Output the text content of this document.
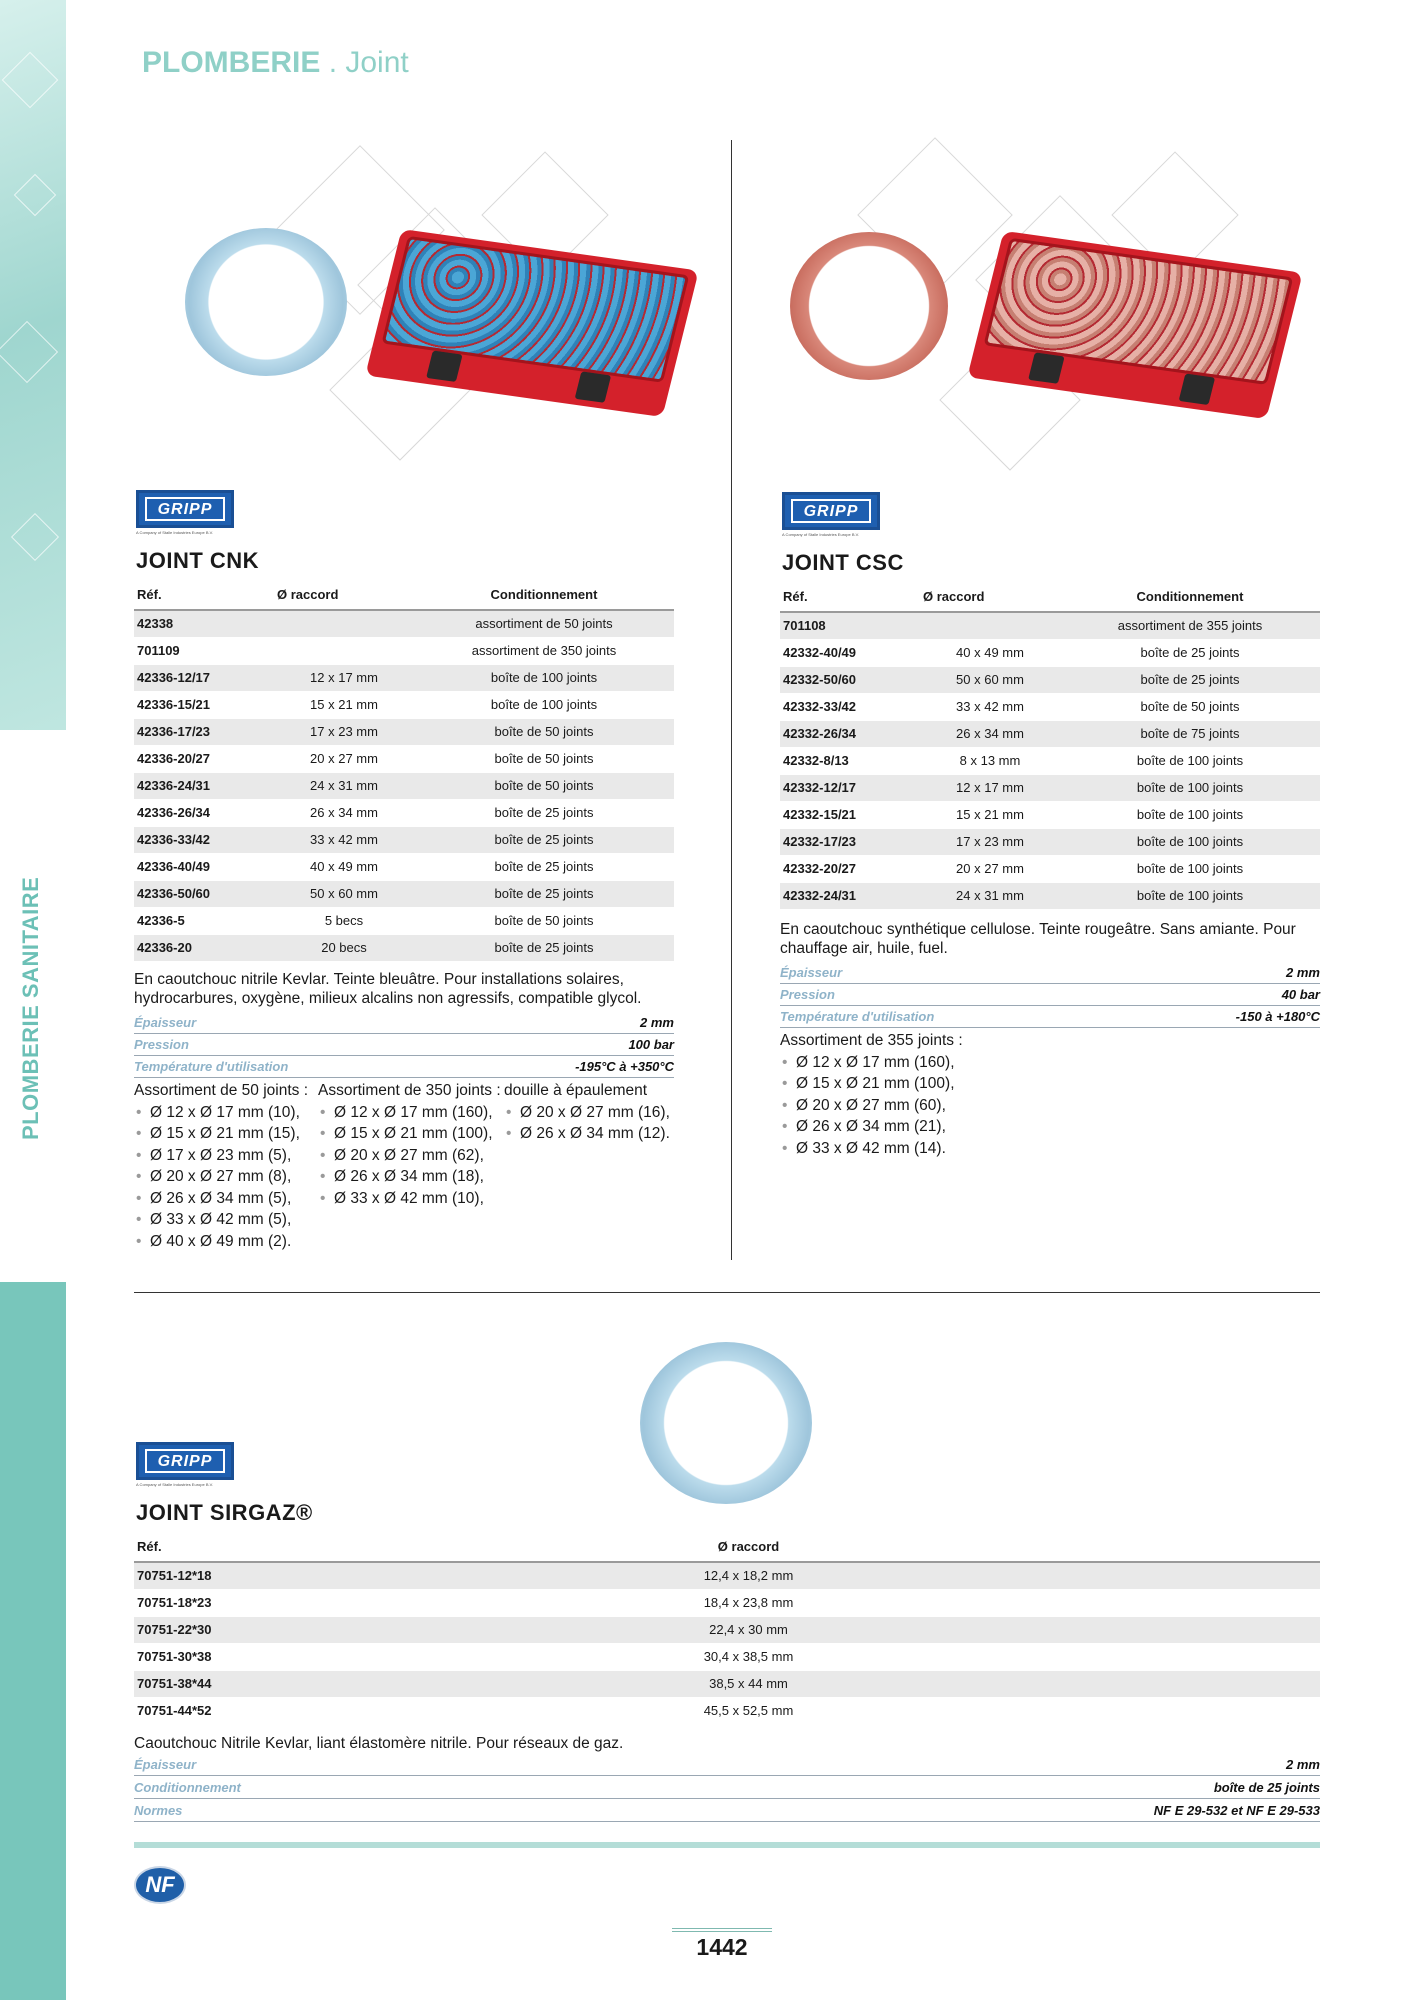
PLOMBERIE SANITAIRE
PLOMBERIE . Joint
GRIPP
A Company of Stalle Industries Europe B.V.
GRIPP
A Company of Stalle Industries Europe B.V.
GRIPP
A Company of Stalle Industries Europe B.V.
JOINT CNK
Réf.	Ø raccord	Conditionnement
42338		assortiment de 50 joints
701109		assortiment de 350 joints
42336-12/17	12 x 17 mm	boîte de 100 joints
42336-15/21	15 x 21 mm	boîte de 100 joints
42336-17/23	17 x 23 mm	boîte de 50 joints
42336-20/27	20 x 27 mm	boîte de 50 joints
42336-24/31	24 x 31 mm	boîte de 50 joints
42336-26/34	26 x 34 mm	boîte de 25 joints
42336-33/42	33 x 42 mm	boîte de 25 joints
42336-40/49	40 x 49 mm	boîte de 25 joints
42336-50/60	50 x 60 mm	boîte de 25 joints
42336-5	5 becs	boîte de 50 joints
42336-20	20 becs	boîte de 25 joints
En caoutchouc nitrile Kevlar. Teinte bleuâtre. Pour installations solaires, hydrocarbures, oxygène, milieux alcalins non agressifs, compatible glycol.
Épaisseur	2 mm
Pression	100 bar
Température d'utilisation	-195°C à +350°C
Assortiment de 50 joints :
• Ø 12 x Ø 17 mm (10),
• Ø 15 x Ø 21 mm (15),
• Ø 17 x Ø 23 mm (5),
• Ø 20 x Ø 27 mm (8),
• Ø 26 x Ø 34 mm (5),
• Ø 33 x Ø 42 mm (5),
• Ø 40 x Ø 49 mm (2).
Assortiment de 350 joints :
• Ø 12 x Ø 17 mm (160),
• Ø 15 x Ø 21 mm (100),
• Ø 20 x Ø 27 mm (62),
• Ø 26 x Ø 34 mm (18),
• Ø 33 x Ø 42 mm (10),
douille à épaulement
• Ø 20 x Ø 27 mm (16),
• Ø 26 x Ø 34 mm (12).
JOINT CSC
Réf.	Ø raccord	Conditionnement
701108		assortiment de 355 joints
42332-40/49	40 x 49 mm	boîte de 25 joints
42332-50/60	50 x 60 mm	boîte de 25 joints
42332-33/42	33 x 42 mm	boîte de 50 joints
42332-26/34	26 x 34 mm	boîte de 75 joints
42332-8/13	8 x 13 mm	boîte de 100 joints
42332-12/17	12 x 17 mm	boîte de 100 joints
42332-15/21	15 x 21 mm	boîte de 100 joints
42332-17/23	17 x 23 mm	boîte de 100 joints
42332-20/27	20 x 27 mm	boîte de 100 joints
42332-24/31	24 x 31 mm	boîte de 100 joints
En caoutchouc synthétique cellulose. Teinte rougeâtre. Sans amiante. Pour chauffage air, huile, fuel.
Épaisseur	2 mm
Pression	40 bar
Température d'utilisation	-150 à +180°C
Assortiment de 355 joints :
• Ø 12 x Ø 17 mm (160),
• Ø 15 x Ø 21 mm (100),
• Ø 20 x Ø 27 mm (60),
• Ø 26 x Ø 34 mm (21),
• Ø 33 x Ø 42 mm (14).
JOINT SIRGAZ®
Réf.	Ø raccord
70751-12*18	12,4 x 18,2 mm
70751-18*23	18,4 x 23,8 mm
70751-22*30	22,4 x 30 mm
70751-30*38	30,4 x 38,5 mm
70751-38*44	38,5 x 44 mm
70751-44*52	45,5 x 52,5 mm
Caoutchouc Nitrile Kevlar, liant élastomère nitrile. Pour réseaux de gaz.
Épaisseur	2 mm
Conditionnement	boîte de 25 joints
Normes	NF E 29-532 et NF E 29-533
NF
1442
